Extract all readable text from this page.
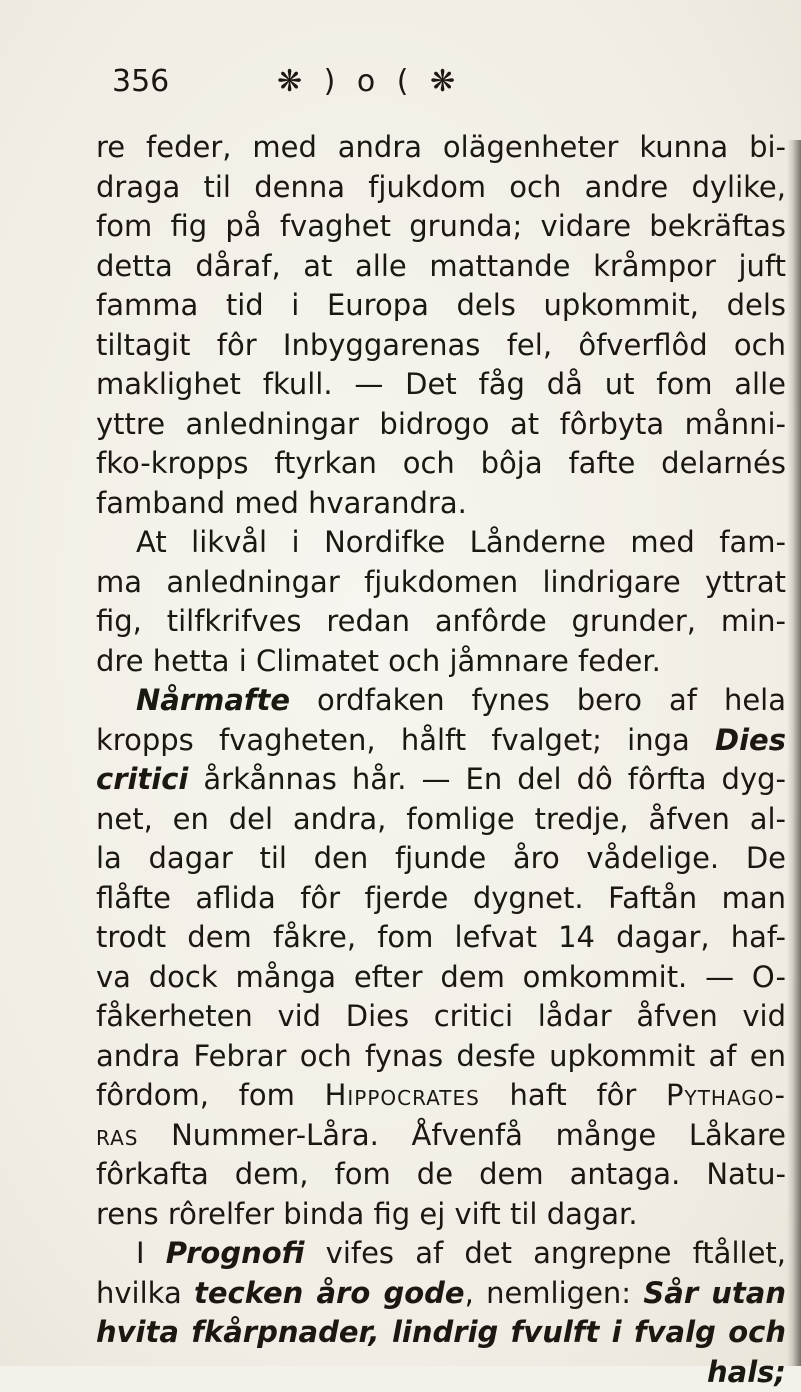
356	❋ ) o ( ❋
re feder, med andra olägenheter kunna bi-
draga til denna fjukdom och andre dylike,
fom fig på fvaghet grunda; vidare bekräftas
detta dåraf, at alle mattande kråmpor juft
famma tid i Europa dels upkommit, dels
tiltagit fôr Inbyggarenas fel, ôfverflôd och
maklighet fkull. — Det fåg då ut fom alle
yttre anledningar bidrogo at fôrbyta månni-
fko-kropps ftyrkan och bôja fafte delarnés
famband med hvarandra.
At likvål i Nordifke Lånderne med fam-
ma anledningar fjukdomen lindrigare yttrat
fig, tilfkrifves redan anfôrde grunder, min-
dre hetta i Climatet och jåmnare feder.
Nårmafte ordfaken fynes bero af hela
kropps fvagheten, hålft fvalget; inga Dies
critici årkånnas hår. — En del dô fôrfta dyg-
net, en del andra, fomlige tredje, åfven al-
la dagar til den fjunde åro vådelige. De
flåfte aflida fôr fjerde dygnet. Faftån man
trodt dem fåkre, fom lefvat 14 dagar, haf-
va dock många efter dem omkommit. — O-
fåkerheten vid Dies critici lådar åfven vid
andra Febrar och fynas desfe upkommit af en
fôrdom, fom Hippocrates haft fôr Pythago-
ras Nummer-Låra. Åfvenfå månge Låkare
fôrkafta dem, fom de dem antaga. Natu-
rens rôrelfer binda fig ej vift til dagar.
I Prognofi vifes af det angrepne ftållet,
hvilka tecken åro gode, nemligen: Sår utan
hvita fkårpnader, lindrig fvulft i fvalg och
hals;
